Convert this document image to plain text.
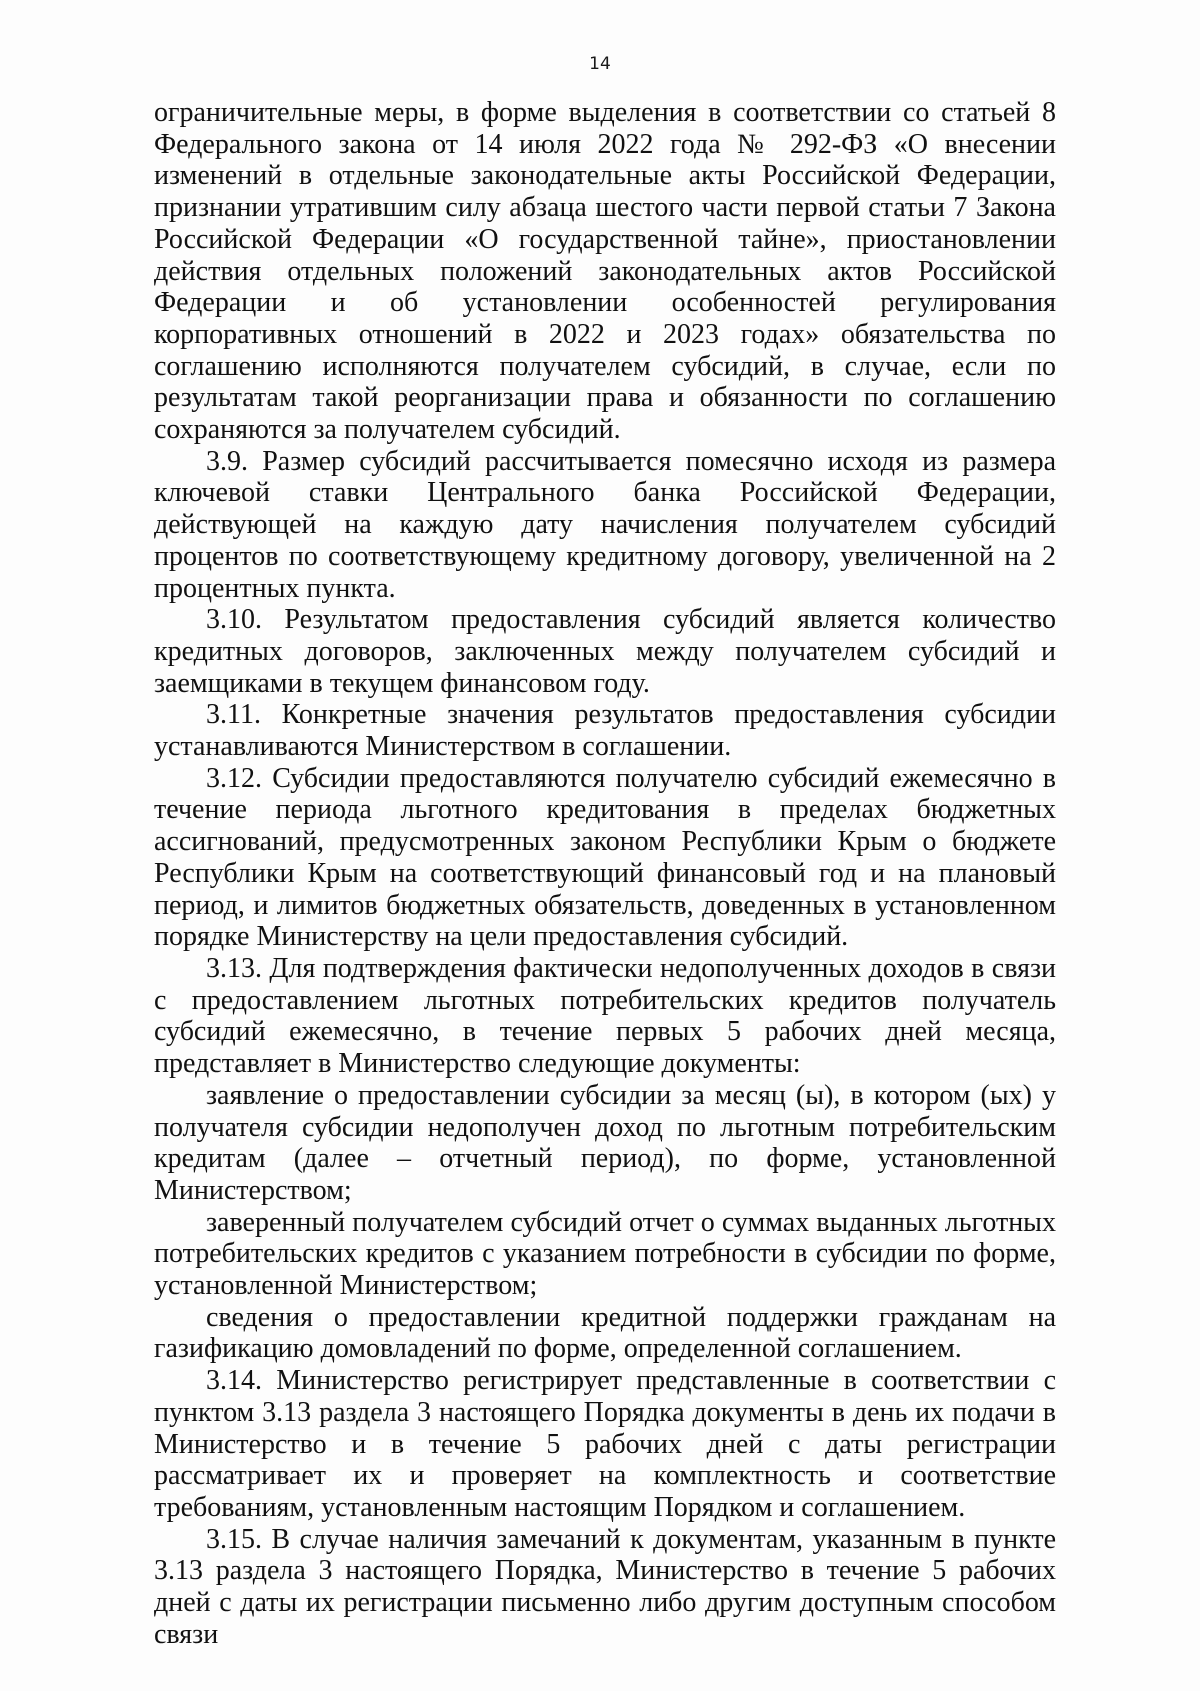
14

ограничительные меры, в форме выделения в соответствии со статьей 8 Федерального закона от 14 июля 2022 года № 292-ФЗ «О внесении изменений в отдельные законодательные акты Российской Федерации, признании утратившим силу абзаца шестого части первой статьи 7 Закона Российской Федерации «О государственной тайне», приостановлении действия отдельных положений законодательных актов Российской Федерации и об установлении особенностей регулирования корпоративных отношений в 2022 и 2023 годах» обязательства по соглашению исполняются получателем субсидий, в случае, если по результатам такой реорганизации права и обязанности по соглашению сохраняются за получателем субсидий.

3.9. Размер субсидий рассчитывается помесячно исходя из размера ключевой ставки Центрального банка Российской Федерации, действующей на каждую дату начисления получателем субсидий процентов по соответствующему кредитному договору, увеличенной на 2 процентных пункта.

3.10. Результатом предоставления субсидий является количество кредитных договоров, заключенных между получателем субсидий и заемщиками в текущем финансовом году.

3.11. Конкретные значения результатов предоставления субсидии устанавливаются Министерством в соглашении.

3.12. Субсидии предоставляются получателю субсидий ежемесячно в течение периода льготного кредитования в пределах бюджетных ассигнований, предусмотренных законом Республики Крым о бюджете Республики Крым на соответствующий финансовый год и на плановый период, и лимитов бюджетных обязательств, доведенных в установленном порядке Министерству на цели предоставления субсидий.

3.13. Для подтверждения фактически недополученных доходов в связи с предоставлением льготных потребительских кредитов получатель субсидий ежемесячно, в течение первых 5 рабочих дней месяца, представляет в Министерство следующие документы:

заявление о предоставлении субсидии за месяц (ы), в котором (ых) у получателя субсидии недополучен доход по льготным потребительским кредитам (далее – отчетный период), по форме, установленной Министерством;

заверенный получателем субсидий отчет о суммах выданных льготных потребительских кредитов с указанием потребности в субсидии по форме, установленной Министерством;

сведения о предоставлении кредитной поддержки гражданам на газификацию домовладений по форме, определенной соглашением.

3.14. Министерство регистрирует представленные в соответствии с пунктом 3.13 раздела 3 настоящего Порядка документы в день их подачи в Министерство и в течение 5 рабочих дней с даты регистрации рассматривает их и проверяет на комплектность и соответствие требованиям, установленным настоящим Порядком и соглашением.

3.15. В случае наличия замечаний к документам, указанным в пункте 3.13 раздела 3 настоящего Порядка, Министерство в течение 5 рабочих дней с даты их регистрации письменно либо другим доступным способом связи
